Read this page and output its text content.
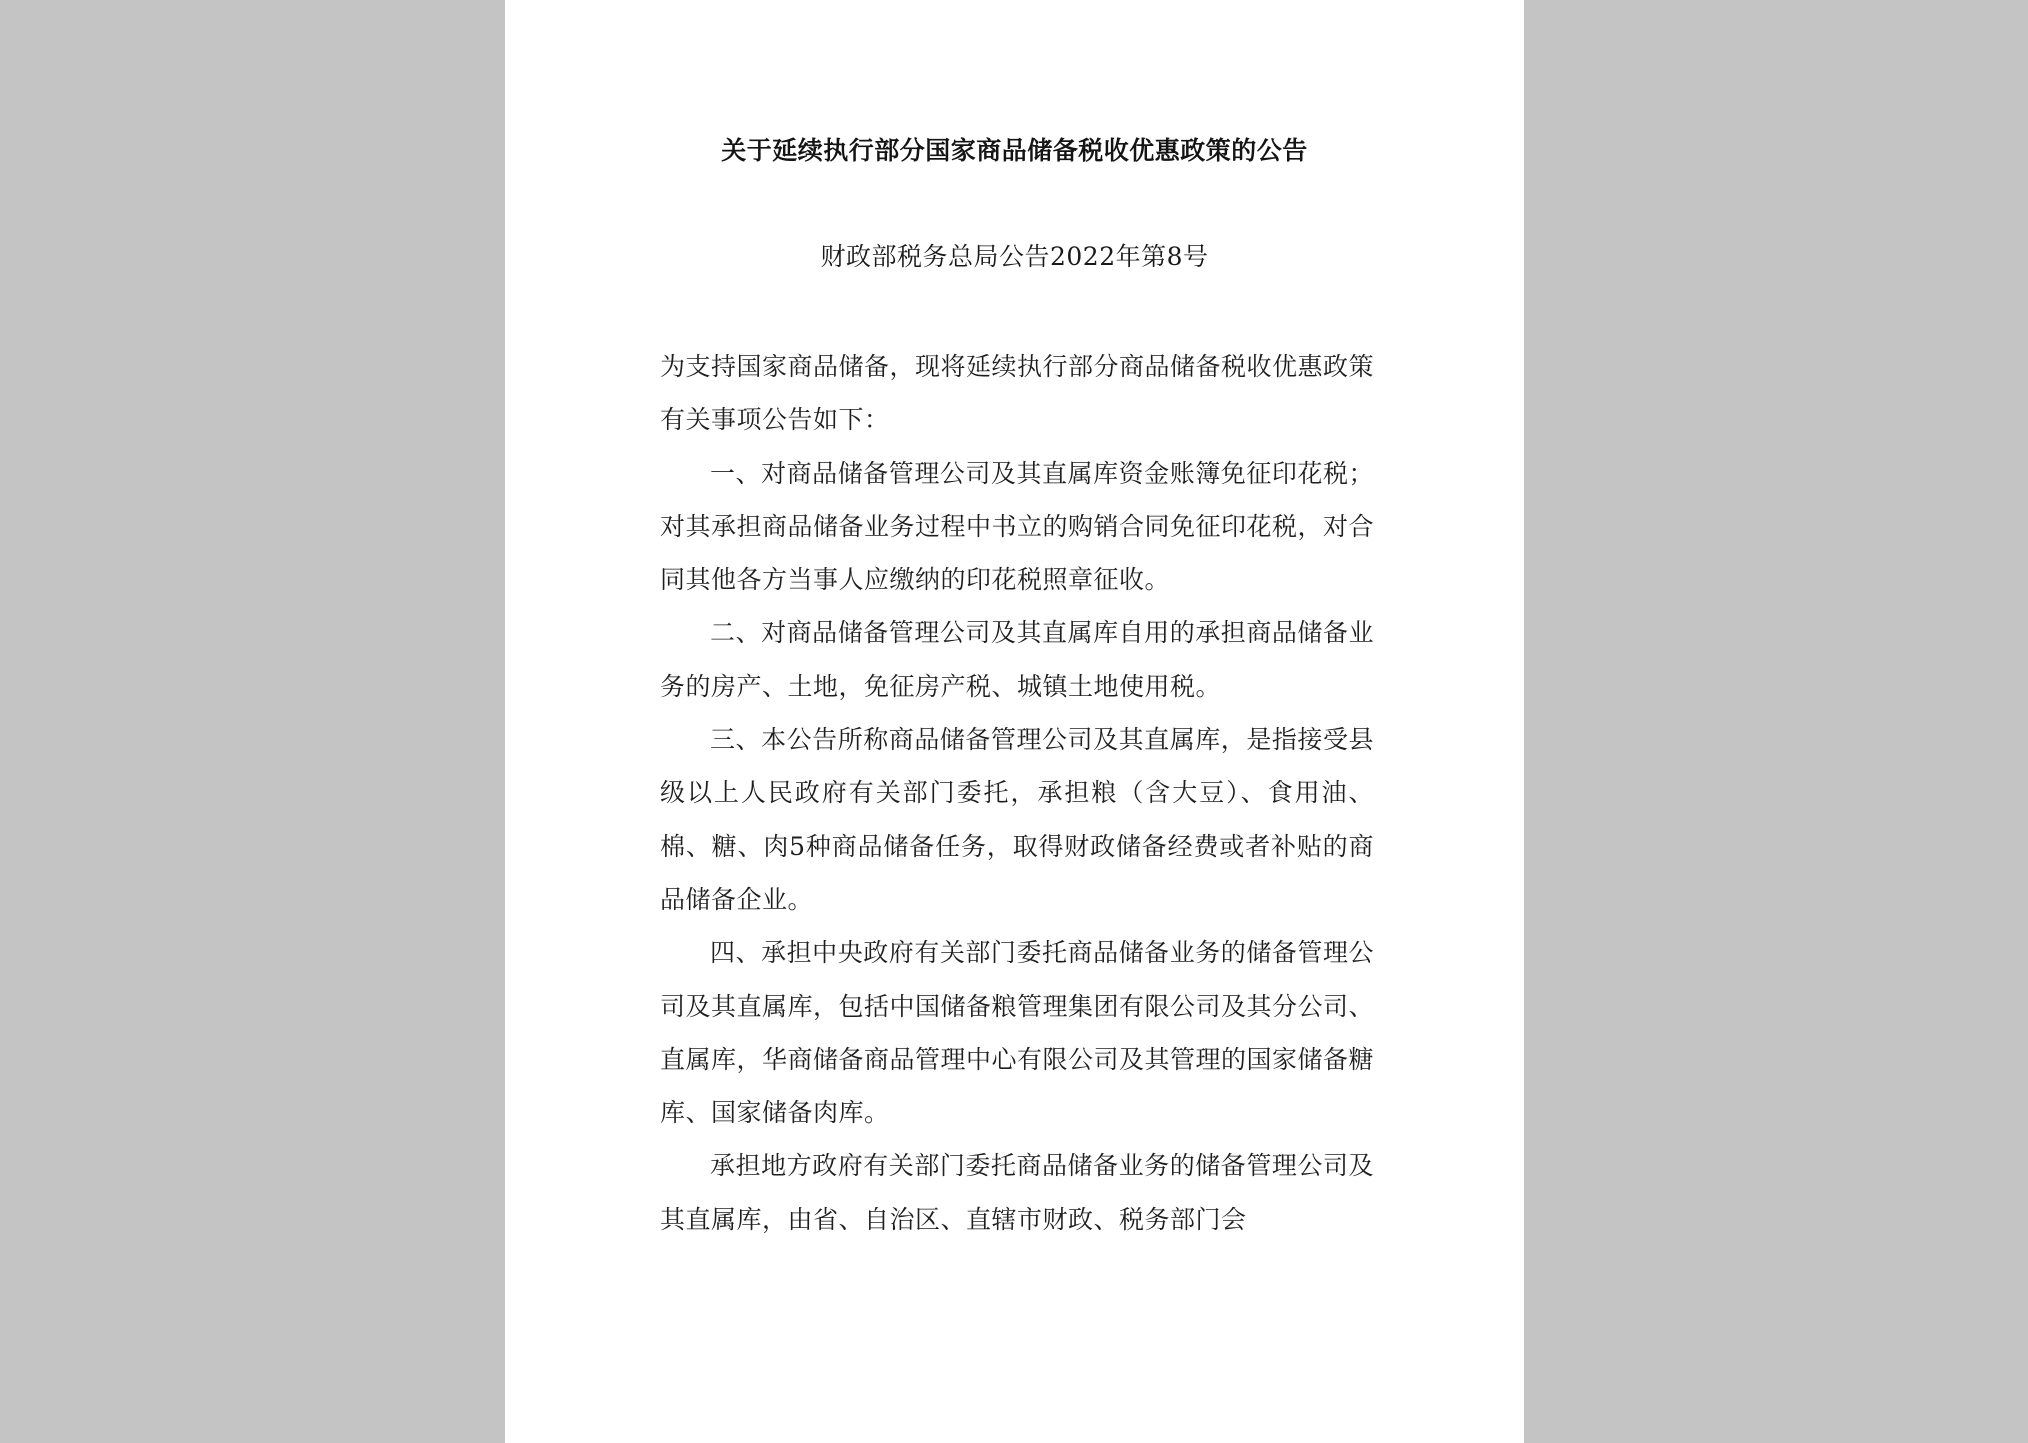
关于延续执行部分国家商品储备税收优惠政策的公告
财政部税务总局公告2022年第8号

为支持国家商品储备，现将延续执行部分商品储备税收优惠政策有关事项公告如下：

一、对商品储备管理公司及其直属库资金账簿免征印花税；对其承担商品储备业务过程中书立的购销合同免征印花税，对合同其他各方当事人应缴纳的印花税照章征收。

二、对商品储备管理公司及其直属库自用的承担商品储备业务的房产、土地，免征房产税、城镇土地使用税。

三、本公告所称商品储备管理公司及其直属库，是指接受县级以上人民政府有关部门委托，承担粮（含大豆）、食用油、棉、糖、肉5种商品储备任务，取得财政储备经费或者补贴的商品储备企业。

四、承担中央政府有关部门委托商品储备业务的储备管理公司及其直属库，包括中国储备粮管理集团有限公司及其分公司、直属库，华商储备商品管理中心有限公司及其管理的国家储备糖库、国家储备肉库。

承担地方政府有关部门委托商品储备业务的储备管理公司及其直属库，由省、自治区、直辖市财政、税务部门会
